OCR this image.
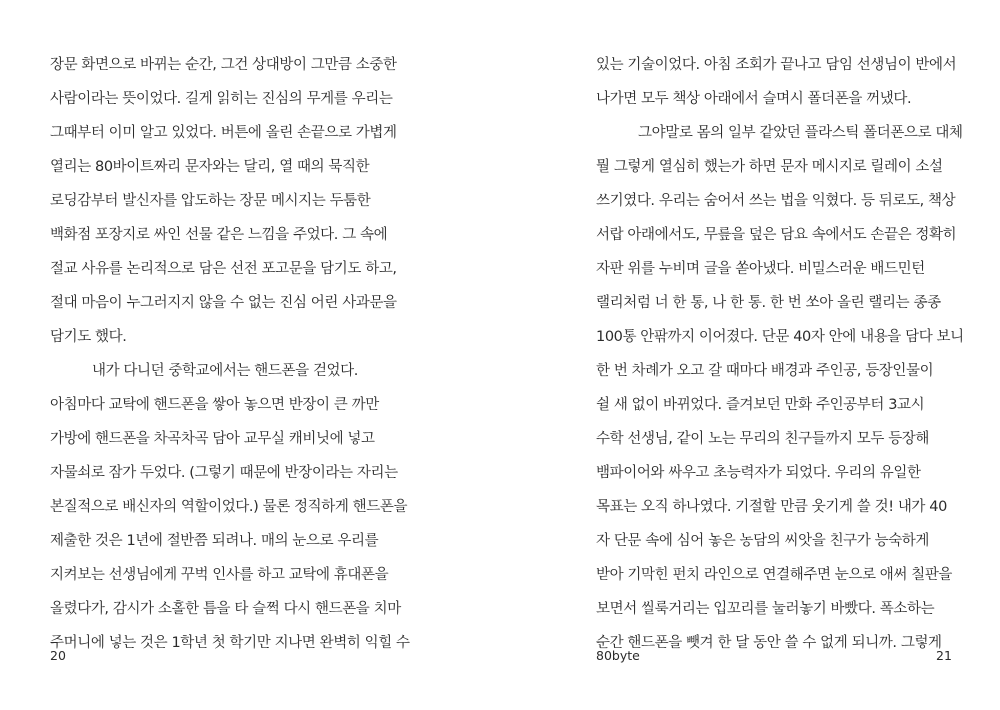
장문 화면으로 바뀌는 순간, 그건 상대방이 그만큼 소중한
사람이라는 뜻이었다. 길게 읽히는 진심의 무게를 우리는
그때부터 이미 알고 있었다. 버튼에 올린 손끝으로 가볍게
열리는 80바이트짜리 문자와는 달리, 열 때의 묵직한
로딩감부터 발신자를 압도하는 장문 메시지는 두툼한
백화점 포장지로 싸인 선물 같은 느낌을 주었다. 그 속에
절교 사유를 논리적으로 담은 선전 포고문을 담기도 하고,
절대 마음이 누그러지지 않을 수 없는 진심 어린 사과문을
담기도 했다.
내가 다니던 중학교에서는 핸드폰을 걷었다.
아침마다 교탁에 핸드폰을 쌓아 놓으면 반장이 큰 까만
가방에 핸드폰을 차곡차곡 담아 교무실 캐비닛에 넣고
자물쇠로 잠가 두었다. (그렇기 때문에 반장이라는 자리는
본질적으로 배신자의 역할이었다.) 물론 정직하게 핸드폰을
제출한 것은 1년에 절반쯤 되려나. 매의 눈으로 우리를
지켜보는 선생님에게 꾸벅 인사를 하고 교탁에 휴대폰을
올렸다가, 감시가 소홀한 틈을 타 슬쩍 다시 핸드폰을 치마
주머니에 넣는 것은 1학년 첫 학기만 지나면 완벽히 익힐 수
20
있는 기술이었다. 아침 조회가 끝나고 담임 선생님이 반에서
나가면 모두 책상 아래에서 슬며시 폴더폰을 꺼냈다.
그야말로 몸의 일부 같았던 플라스틱 폴더폰으로 대체
뭘 그렇게 열심히 했는가 하면 문자 메시지로 릴레이 소설
쓰기였다. 우리는 숨어서 쓰는 법을 익혔다. 등 뒤로도, 책상
서랍 아래에서도, 무릎을 덮은 담요 속에서도 손끝은 정확히
자판 위를 누비며 글을 쏟아냈다. 비밀스러운 배드민턴
랠리처럼 너 한 통, 나 한 통. 한 번 쏘아 올린 랠리는 종종
100통 안팎까지 이어졌다. 단문 40자 안에 내용을 담다 보니
한 번 차례가 오고 갈 때마다 배경과 주인공, 등장인물이
쉴 새 없이 바뀌었다. 즐겨보던 만화 주인공부터 3교시
수학 선생님, 같이 노는 무리의 친구들까지 모두 등장해
뱀파이어와 싸우고 초능력자가 되었다. 우리의 유일한
목표는 오직 하나였다. 기절할 만큼 웃기게 쓸 것! 내가 40
자 단문 속에 심어 놓은 농담의 씨앗을 친구가 능숙하게
받아 기막힌 펀치 라인으로 연결해주면 눈으로 애써 칠판을
보면서 씰룩거리는 입꼬리를 눌러놓기 바빴다. 폭소하는
순간 핸드폰을 뺏겨 한 달 동안 쓸 수 없게 되니까. 그렇게
80byte	21
